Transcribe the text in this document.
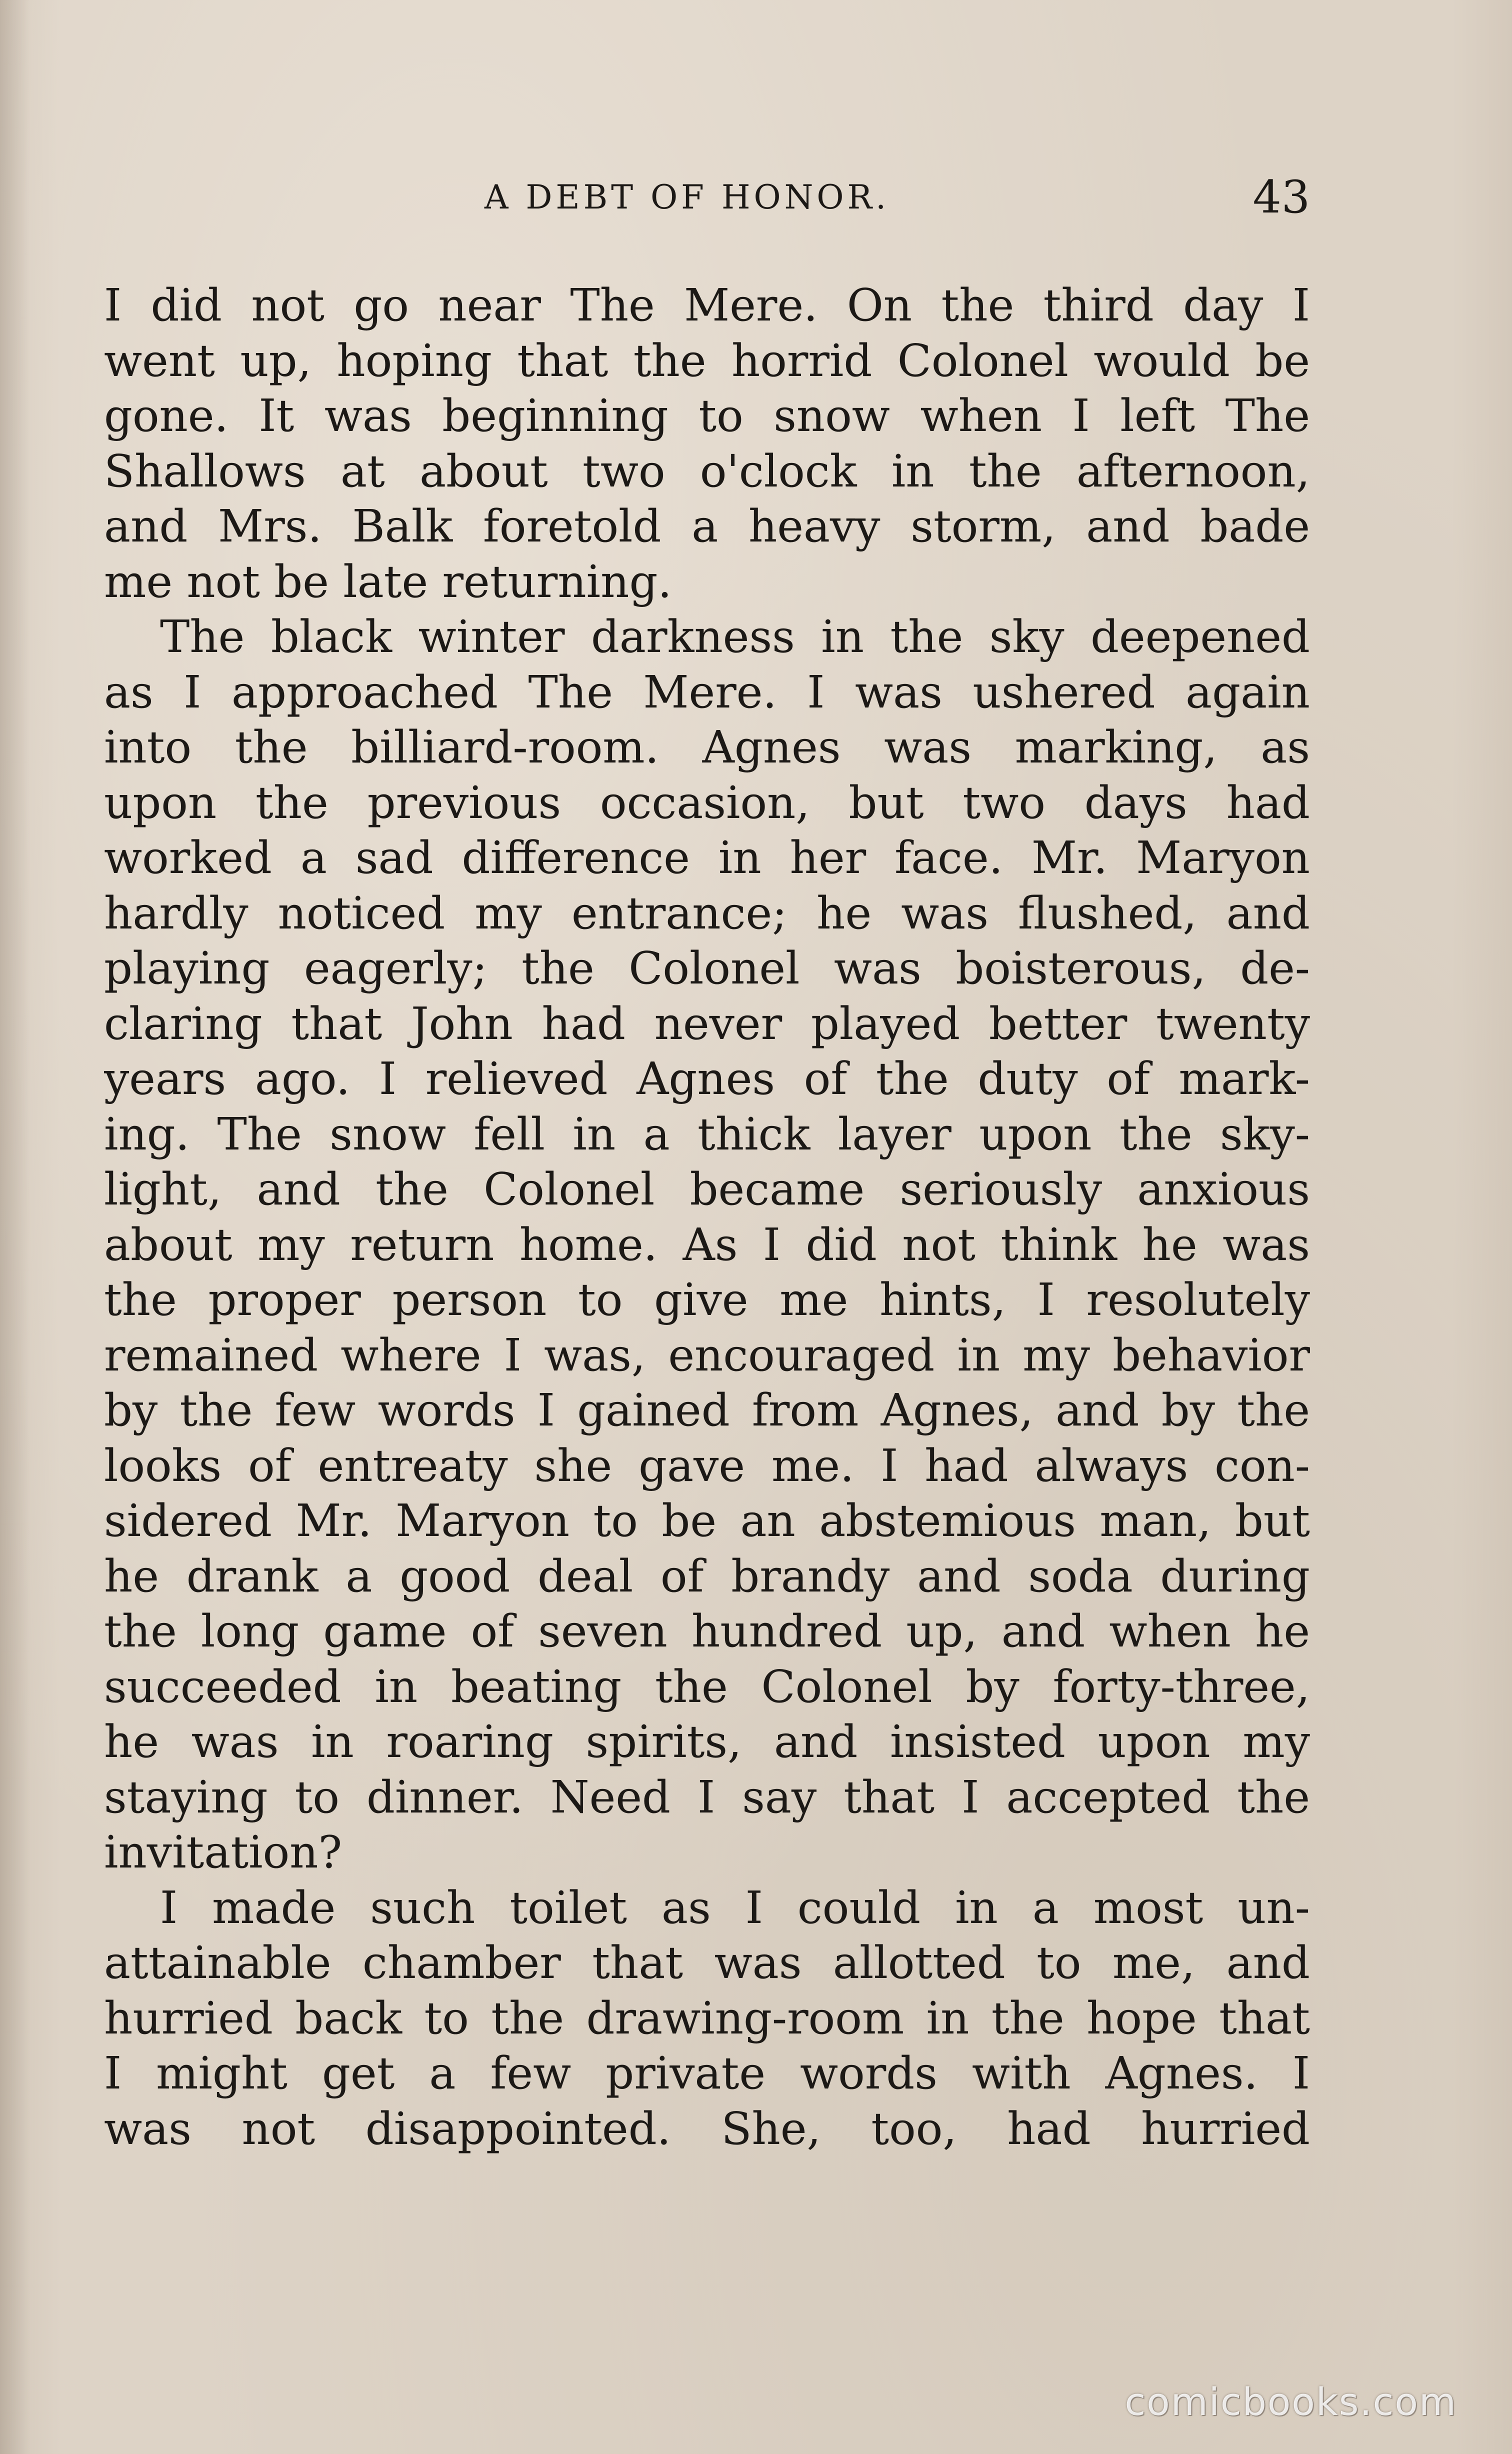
A DEBT OF HONOR.	43
I did not go near The Mere. On the third day I
went up, hoping that the horrid Colonel would be
gone. It was beginning to snow when I left The
Shallows at about two o'clock in the afternoon,
and Mrs. Balk foretold a heavy storm, and bade
me not be late returning.
The black winter darkness in the sky deepened
as I approached The Mere. I was ushered again
into the billiard-room. Agnes was marking, as
upon the previous occasion, but two days had
worked a sad difference in her face. Mr. Maryon
hardly noticed my entrance; he was flushed, and
playing eagerly; the Colonel was boisterous, de-
claring that John had never played better twenty
years ago. I relieved Agnes of the duty of mark-
ing. The snow fell in a thick layer upon the sky-
light, and the Colonel became seriously anxious
about my return home. As I did not think he was
the proper person to give me hints, I resolutely
remained where I was, encouraged in my behavior
by the few words I gained from Agnes, and by the
looks of entreaty she gave me. I had always con-
sidered Mr. Maryon to be an abstemious man, but
he drank a good deal of brandy and soda during
the long game of seven hundred up, and when he
succeeded in beating the Colonel by forty-three,
he was in roaring spirits, and insisted upon my
staying to dinner. Need I say that I accepted the
invitation?
I made such toilet as I could in a most un-
attainable chamber that was allotted to me, and
hurried back to the drawing-room in the hope that
I might get a few private words with Agnes. I
was not disappointed. She, too, had hurried
comicbooks.com
